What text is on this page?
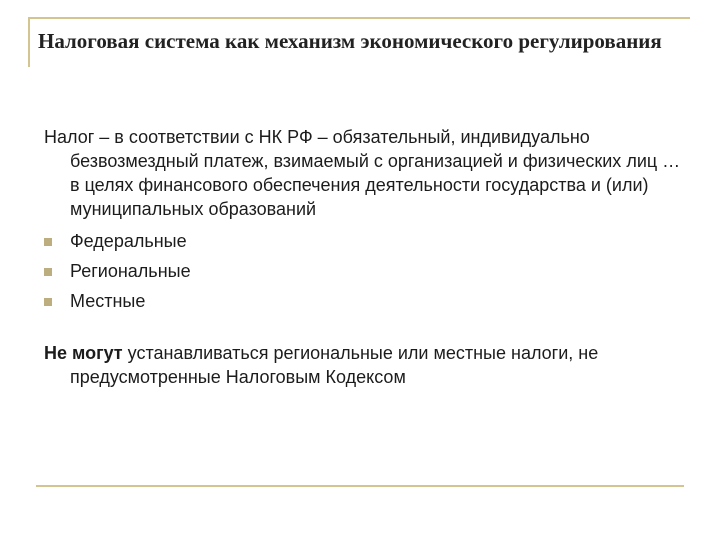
Налоговая система как механизм экономического регулирования

Налог – в соответствии с НК РФ – обязательный, индивидуально безвозмездный платеж, взимаемый с организацией и физических лиц … в целях финансового обеспечения деятельности государства и (или) муниципальных образований

Федеральные
Региональные
Местные

Не могут устанавливаться региональные или местные налоги, не предусмотренные Налоговым Кодексом
